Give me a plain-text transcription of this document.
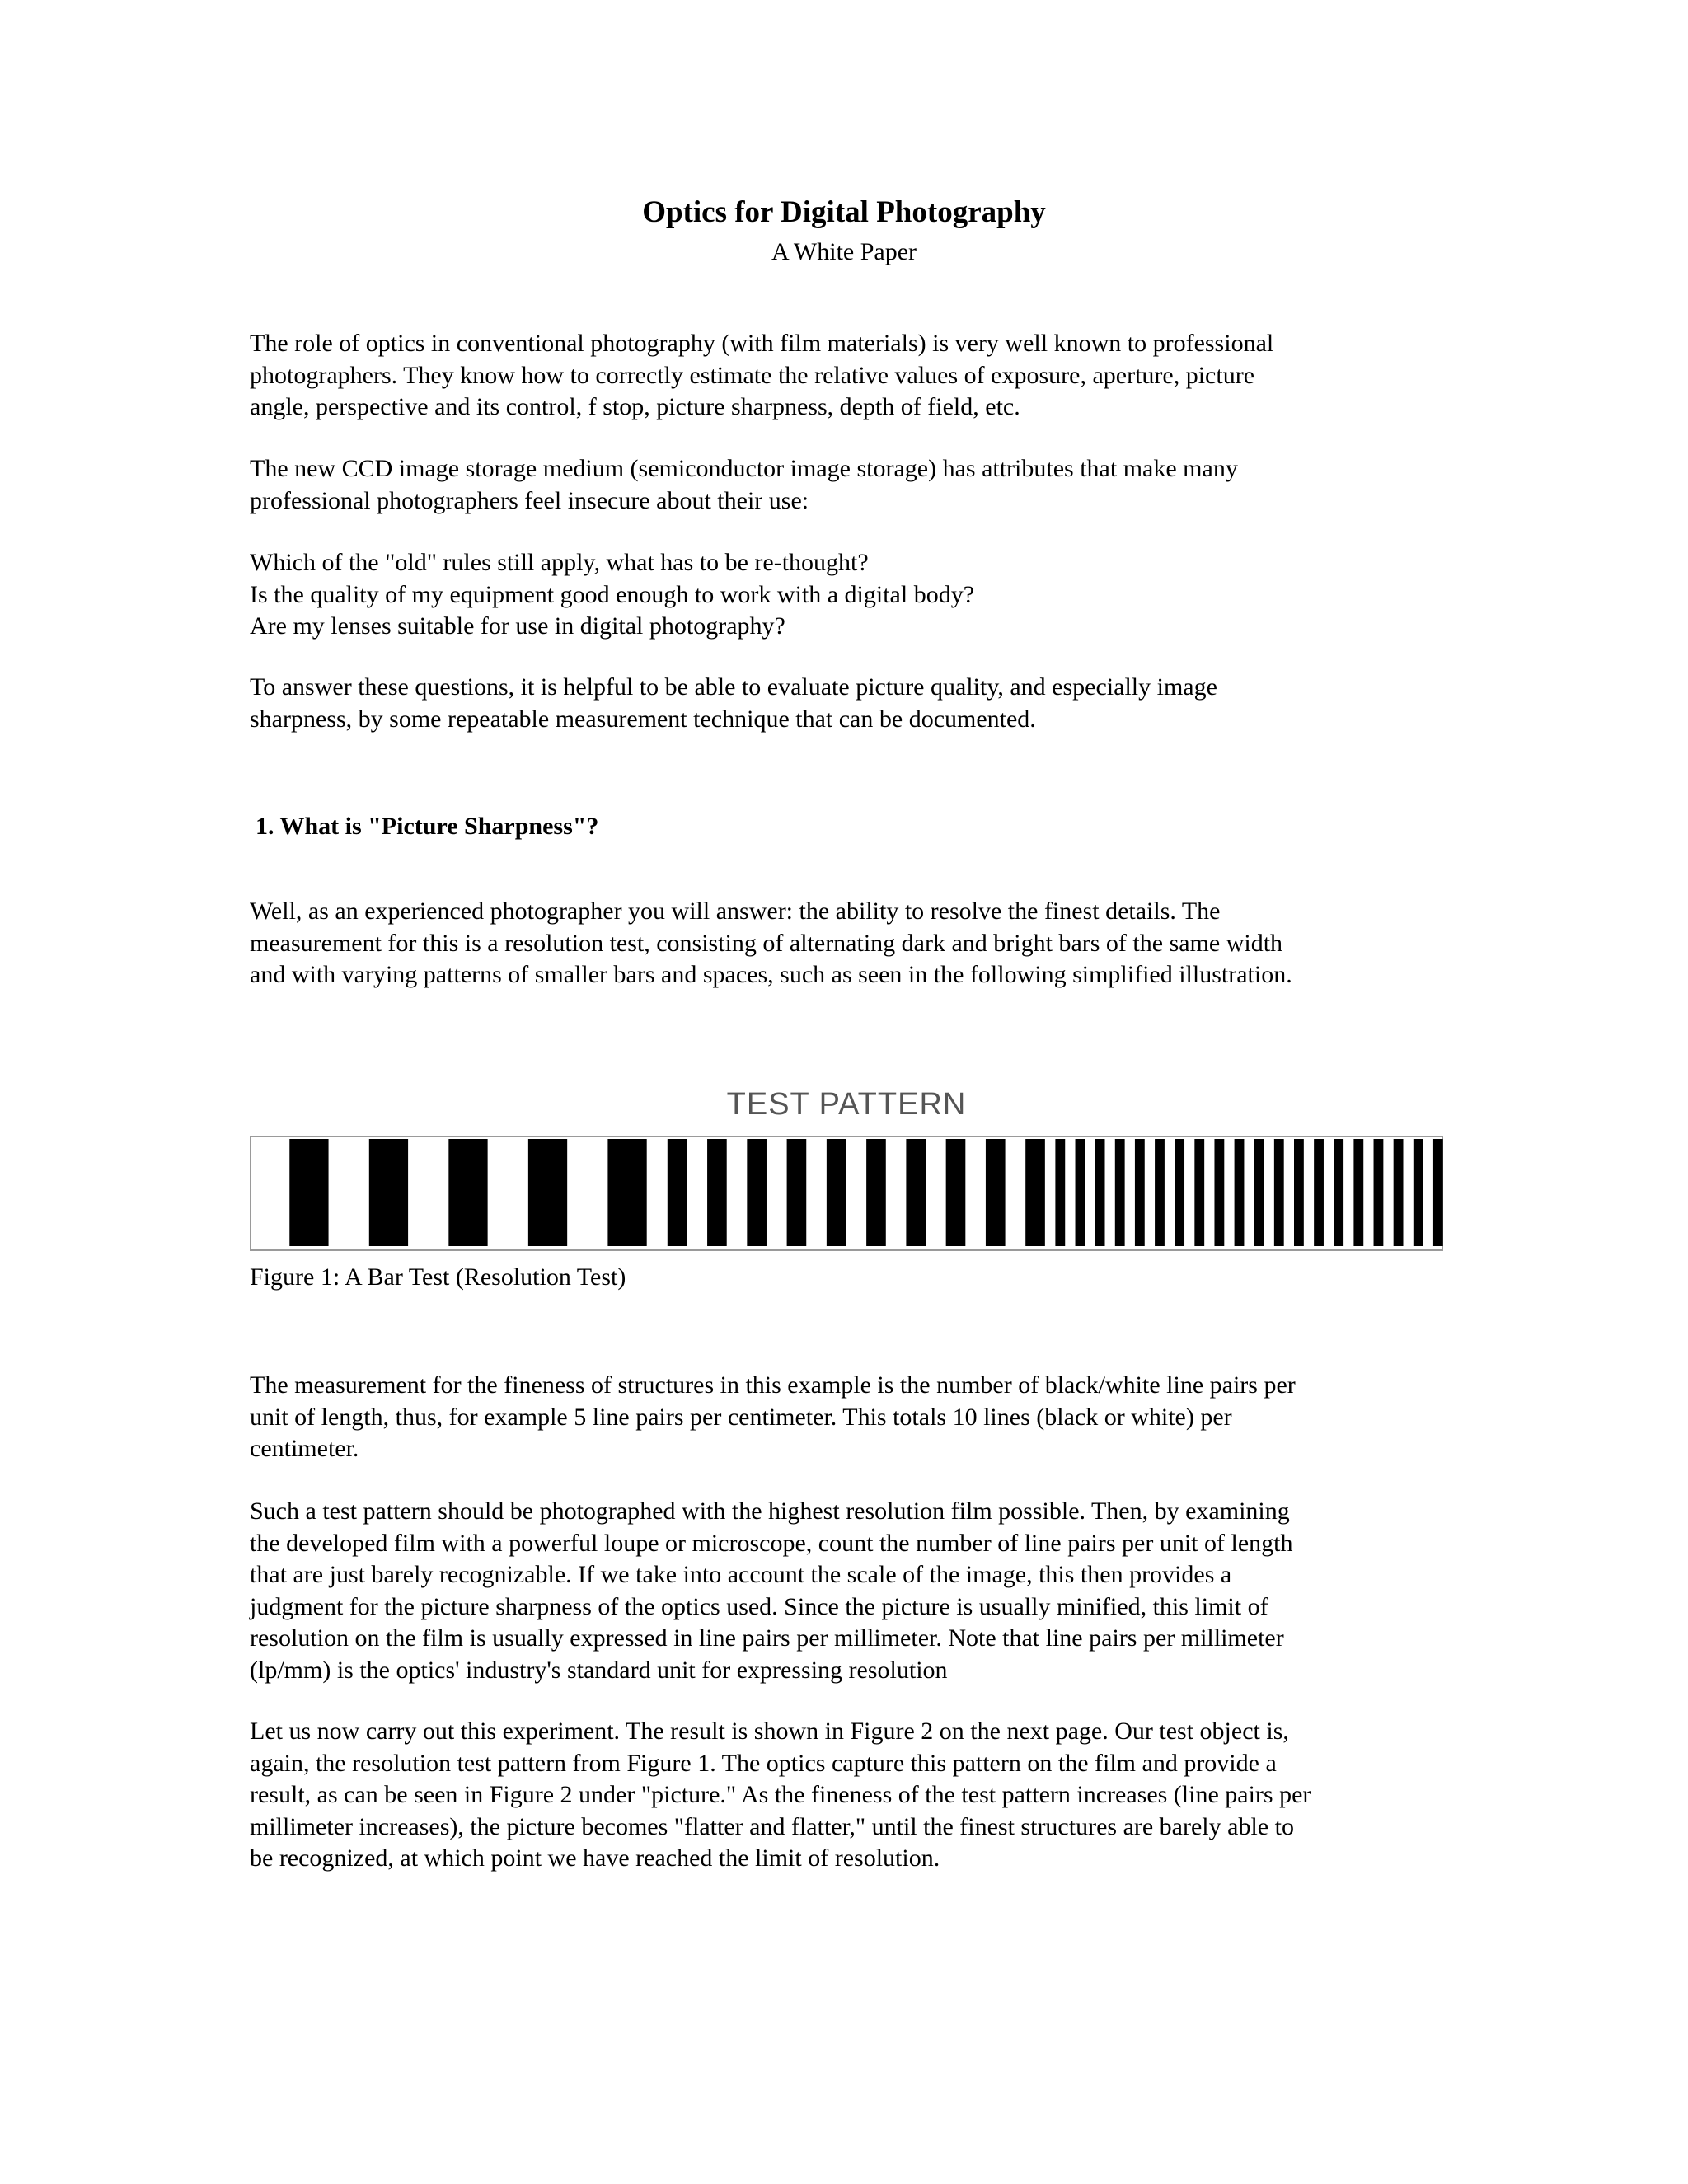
Optics for Digital Photography
A White Paper

The role of optics in conventional photography (with film materials) is very well known to professional
photographers. They know how to correctly estimate the relative values of exposure, aperture, picture
angle, perspective and its control, f stop, picture sharpness, depth of field, etc.

The new CCD image storage medium (semiconductor image storage) has attributes that make many
professional photographers feel insecure about their use:

Which of the "old" rules still apply, what has to be re-thought?
Is the quality of my equipment good enough to work with a digital body?
Are my lenses suitable for use in digital photography?

To answer these questions, it is helpful to be able to evaluate picture quality, and especially image
sharpness, by some repeatable measurement technique that can be documented.

1. What is "Picture Sharpness"?

Well, as an experienced photographer you will answer: the ability to resolve the finest details. The
measurement for this is a resolution test, consisting of alternating dark and bright bars of the same width
and with varying patterns of smaller bars and spaces, such as seen in the following simplified illustration.

TEST PATTERN

Figure 1: A Bar Test (Resolution Test)

The measurement for the fineness of structures in this example is the number of black/white line pairs per
unit of length, thus, for example 5 line pairs per centimeter. This totals 10 lines (black or white) per
centimeter.

Such a test pattern should be photographed with the highest resolution film possible. Then, by examining
the developed film with a powerful loupe or microscope, count the number of line pairs per unit of length
that are just barely recognizable. If we take into account the scale of the image, this then provides a
judgment for the picture sharpness of the optics used. Since the picture is usually minified, this limit of
resolution on the film is usually expressed in line pairs per millimeter. Note that line pairs per millimeter
(lp/mm) is the optics' industry's standard unit for expressing resolution

Let us now carry out this experiment. The result is shown in Figure 2 on the next page. Our test object is,
again, the resolution test pattern from Figure 1. The optics capture this pattern on the film and provide a
result, as can be seen in Figure 2 under "picture." As the fineness of the test pattern increases (line pairs per
millimeter increases), the picture becomes "flatter and flatter," until the finest structures are barely able to
be recognized, at which point we have reached the limit of resolution.
